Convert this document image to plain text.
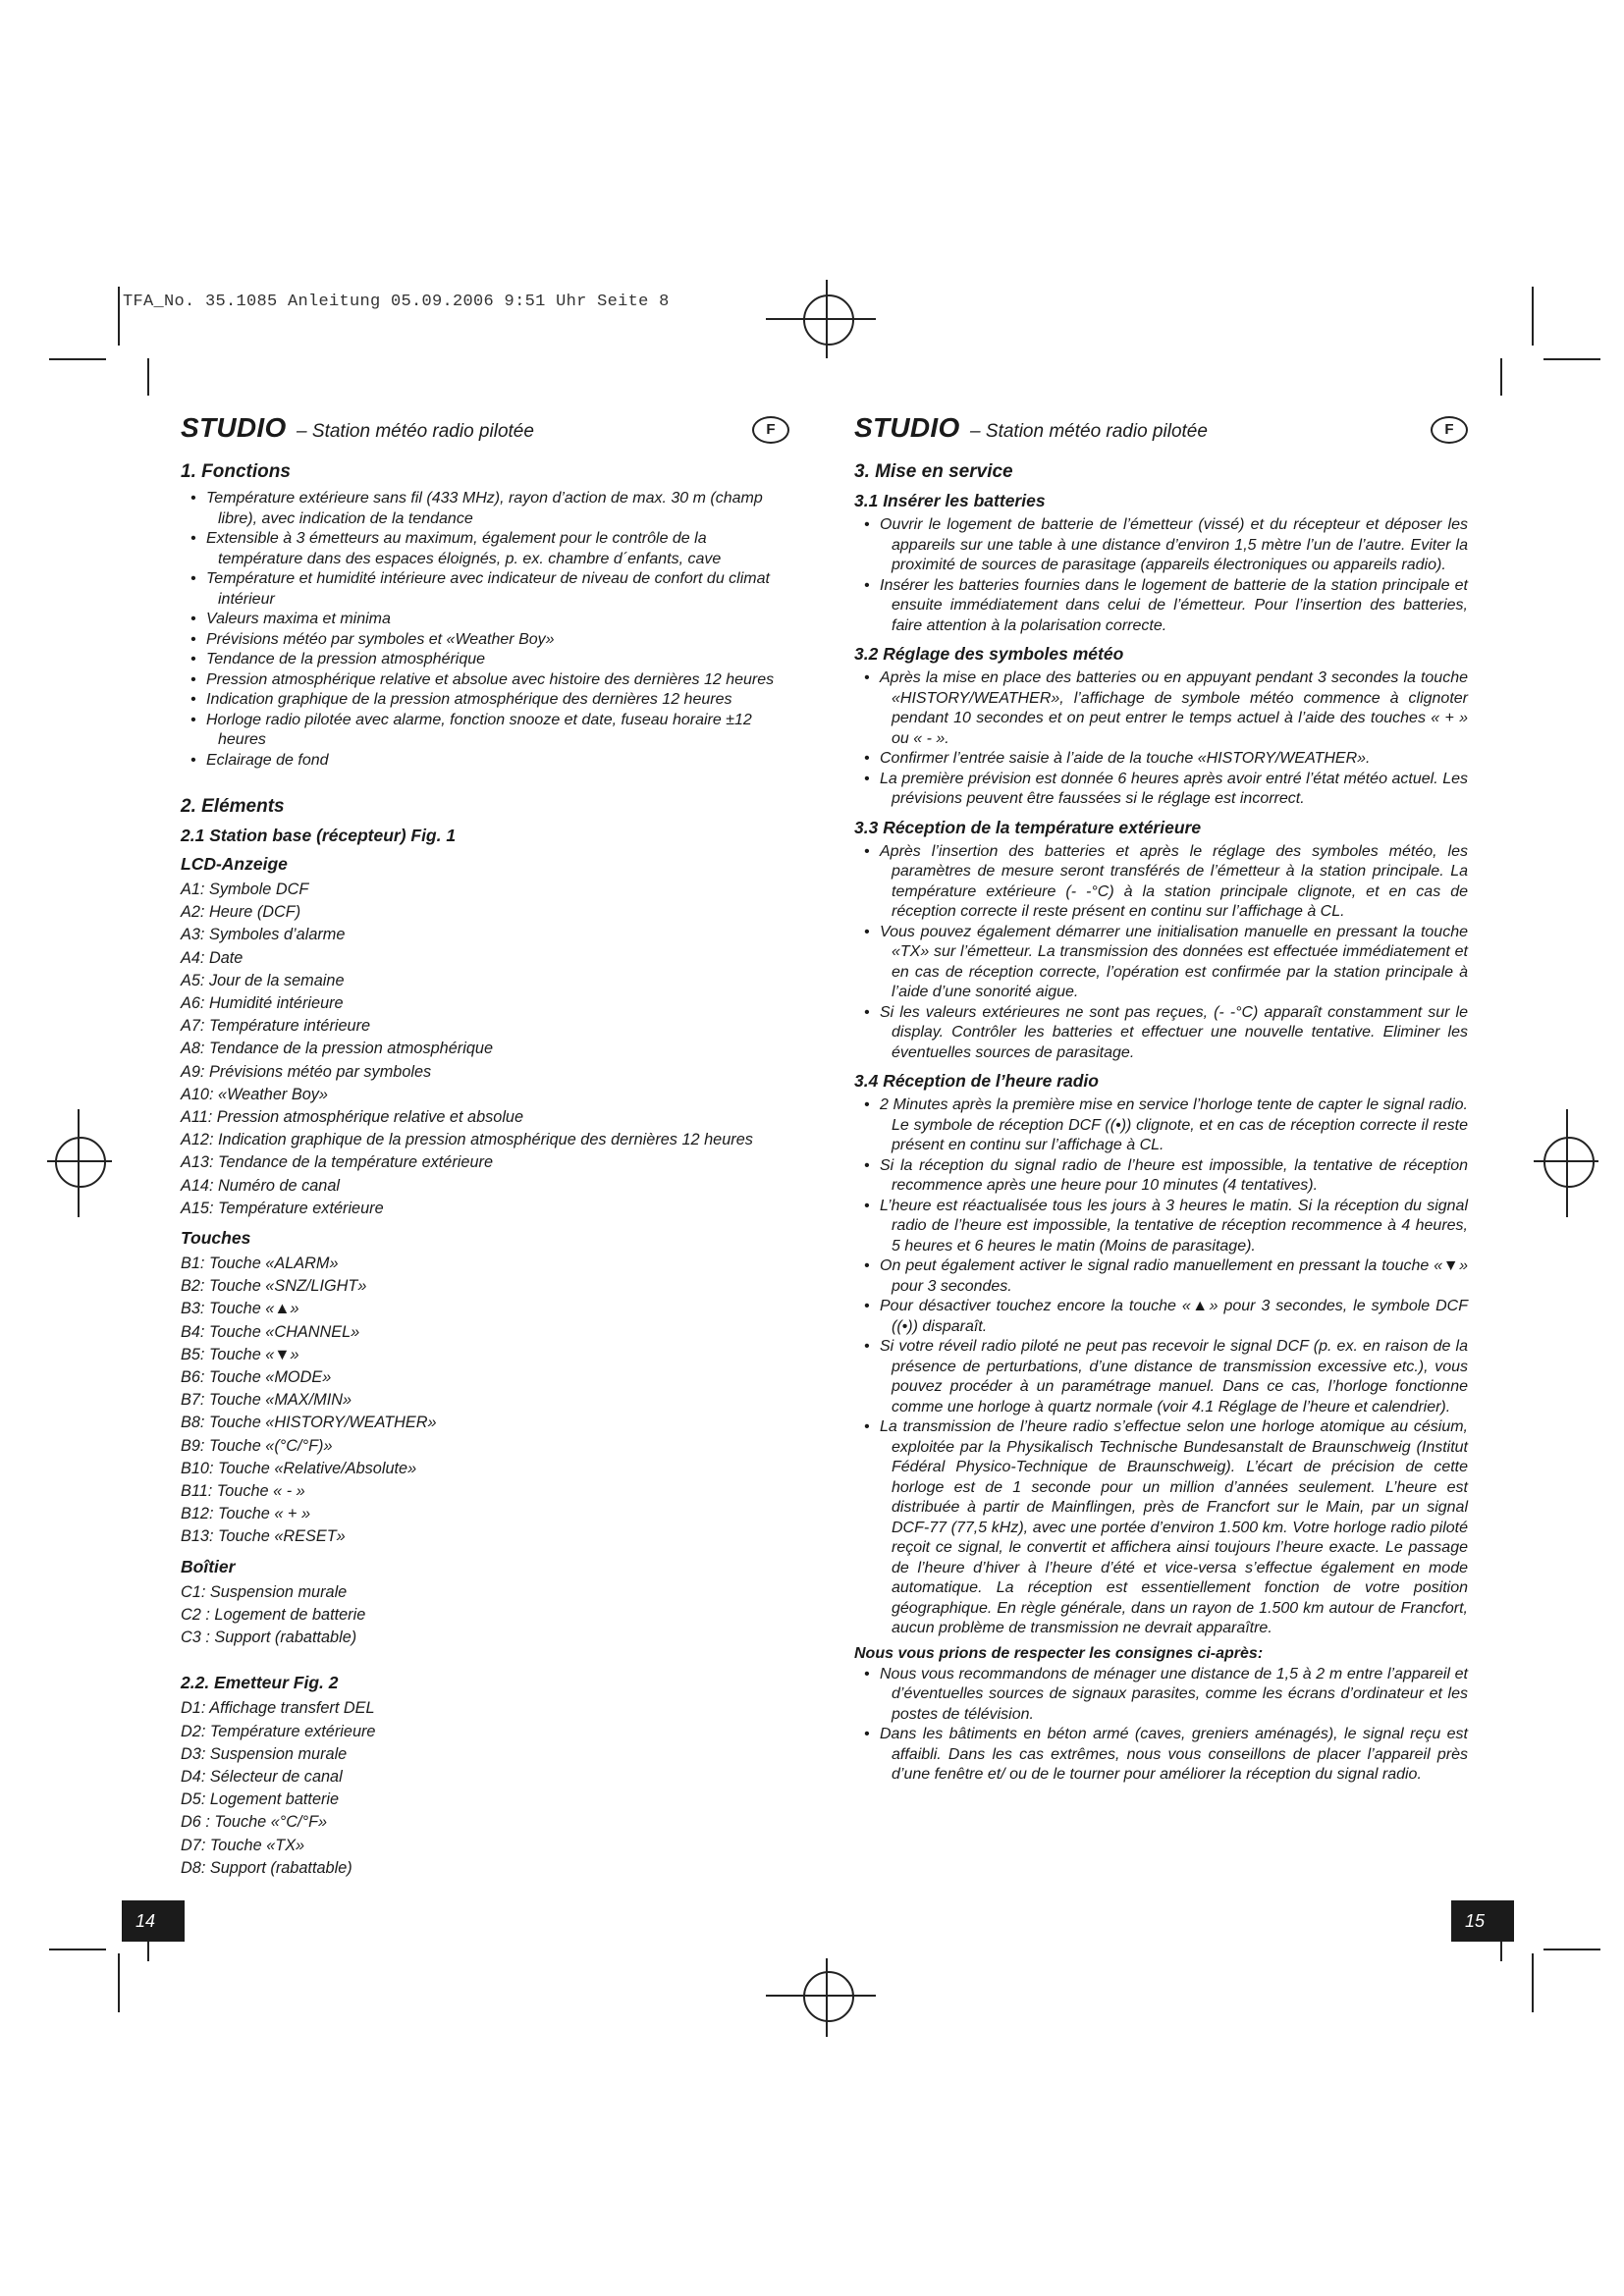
TFA_No. 35.1085 Anleitung 05.09.2006 9:51 Uhr Seite 8
STUDIO – Station météo radio pilotée	F
1. Fonctions
• Température extérieure sans fil (433 MHz), rayon d’action de max. 30 m (champ libre), avec indication de la tendance
• Extensible à 3 émetteurs au maximum, également pour le contrôle de la température dans des espaces éloignés, p. ex. chambre d´enfants, cave
• Température et humidité intérieure avec indicateur de niveau de confort du climat intérieur
• Valeurs maxima et minima
• Prévisions météo par symboles et «Weather Boy»
• Tendance de la pression atmosphérique
• Pression atmosphérique relative et absolue avec histoire des dernières 12 heures
• Indication graphique de la pression atmosphérique des dernières 12 heures
• Horloge radio pilotée avec alarme, fonction snooze et date, fuseau horaire ±12 heures
• Eclairage de fond
2. Eléments
2.1 Station base (récepteur) Fig. 1
LCD-Anzeige
A1: Symbole DCF
A2: Heure (DCF)
A3: Symboles d’alarme
A4: Date
A5: Jour de la semaine
A6: Humidité intérieure
A7: Température intérieure
A8: Tendance de la pression atmosphérique
A9: Prévisions météo par symboles
A10: «Weather Boy»
A11: Pression atmosphérique relative et absolue
A12: Indication graphique de la pression atmosphérique des dernières 12 heures
A13: Tendance de la température extérieure
A14: Numéro de canal
A15: Température extérieure
Touches
B1: Touche «ALARM»
B2: Touche «SNZ/LIGHT»
B3: Touche «▲»
B4: Touche «CHANNEL»
B5: Touche «▼»
B6: Touche «MODE»
B7: Touche «MAX/MIN»
B8: Touche «HISTORY/WEATHER»
B9: Touche «(°C/°F)»
B10: Touche «Relative/Absolute»
B11: Touche « - »
B12: Touche « + »
B13: Touche «RESET»
Boîtier
C1: Suspension murale
C2 : Logement de batterie
C3 : Support (rabattable)
2.2. Emetteur Fig. 2
D1: Affichage transfert DEL
D2: Température extérieure
D3: Suspension murale
D4: Sélecteur de canal
D5: Logement batterie
D6 : Touche «°C/°F»
D7: Touche «TX»
D8: Support (rabattable)
14
STUDIO – Station météo radio pilotée	F
3. Mise en service
3.1 Insérer les batteries
• Ouvrir le logement de batterie de l’émetteur (vissé) et du récepteur et déposer les appareils sur une table à une distance d’environ 1,5 mètre l’un de l’autre. Eviter la proximité de sources de parasitage (appareils électroniques ou appareils radio).
• Insérer les batteries fournies dans le logement de batterie de la station principale et ensuite immédiatement dans celui de l’émetteur. Pour l’insertion des batteries, faire attention à la polarisation correcte.
3.2 Réglage des symboles météo
• Après la mise en place des batteries ou en appuyant pendant 3 secondes la touche «HISTORY/WEATHER», l’affichage de symbole météo commence à clignoter pendant 10 secondes et on peut entrer le temps actuel à l’aide des touches « + » ou « - ».
• Confirmer l’entrée saisie à l’aide de la touche «HISTORY/WEATHER».
• La première prévision est donnée 6 heures après avoir entré l’état météo actuel. Les prévisions peuvent être faussées si le réglage est incorrect.
3.3 Réception de la température extérieure
• Après l’insertion des batteries et après le réglage des symboles météo, les paramètres de mesure seront transférés de l’émetteur à la station principale. La température extérieure (- -°C) à la station principale clignote, et en cas de réception correcte il reste présent en continu sur l’affichage à CL.
• Vous pouvez également démarrer une initialisation manuelle en pressant la touche «TX» sur l’émetteur. La transmission des données est effectuée immédiatement et en cas de réception correcte, l’opération est confirmée par la station principale à l’aide d’une sonorité aigue.
• Si les valeurs extérieures ne sont pas reçues, (- -°C) apparaît constamment sur le display. Contrôler les batteries et effectuer une nouvelle tentative. Eliminer les éventuelles sources de parasitage.
3.4 Réception de l’heure radio
• 2 Minutes après la première mise en service l’horloge tente de capter le signal radio. Le symbole de réception DCF ((•)) clignote, et en cas de réception correcte il reste présent en continu sur l’affichage à CL.
• Si la réception du signal radio de l’heure est impossible, la tentative de réception recommence après une heure pour 10 minutes (4 tentatives).
• L’heure est réactualisée tous les jours à 3 heures le matin. Si la réception du signal radio de l’heure est impossible, la tentative de réception recommence à 4 heures, 5 heures et 6 heures le matin (Moins de parasitage).
• On peut également activer le signal radio manuellement en pressant la touche «▼» pour 3 secondes.
• Pour désactiver touchez encore la touche «▲» pour 3 secondes, le symbole DCF ((•)) disparaît.
• Si votre réveil radio piloté ne peut pas recevoir le signal DCF (p. ex. en raison de la présence de perturbations, d’une distance de transmission excessive etc.), vous pouvez procéder à un paramétrage manuel. Dans ce cas, l’horloge fonctionne comme une horloge à quartz normale (voir 4.1 Réglage de l’heure et calendrier).
• La transmission de l’heure radio s’effectue selon une horloge atomique au césium, exploitée par la Physikalisch Technische Bundesanstalt de Braunschweig (Institut Fédéral Physico-Technique de Braunschweig). L’écart de précision de cette horloge est de 1 seconde pour un million d’années seulement. L’heure est distribuée à partir de Mainflingen, près de Francfort sur le Main, par un signal DCF-77 (77,5 kHz), avec une portée d’environ 1.500 km. Votre horloge radio piloté reçoit ce signal, le convertit et affichera ainsi toujours l’heure exacte. Le passage de l’heure d’hiver à l’heure d’été et vice-versa s’effectue également en mode automatique. La réception est essentiellement fonction de votre position géographique. En règle générale, dans un rayon de 1.500 km autour de Francfort, aucun problème de transmission ne devrait apparaître.

Nous vous prions de respecter les consignes ci-après:

• Nous vous recommandons de ménager une distance de 1,5 à 2 m entre l’appareil et d’éventuelles sources de signaux parasites, comme les écrans d’ordinateur et les postes de télévision.
• Dans les bâtiments en béton armé (caves, greniers aménagés), le signal reçu est affaibli. Dans les cas extrêmes, nous vous conseillons de placer l’appareil près d’une fenêtre et/ ou de le tourner pour améliorer la réception du signal radio.
15
